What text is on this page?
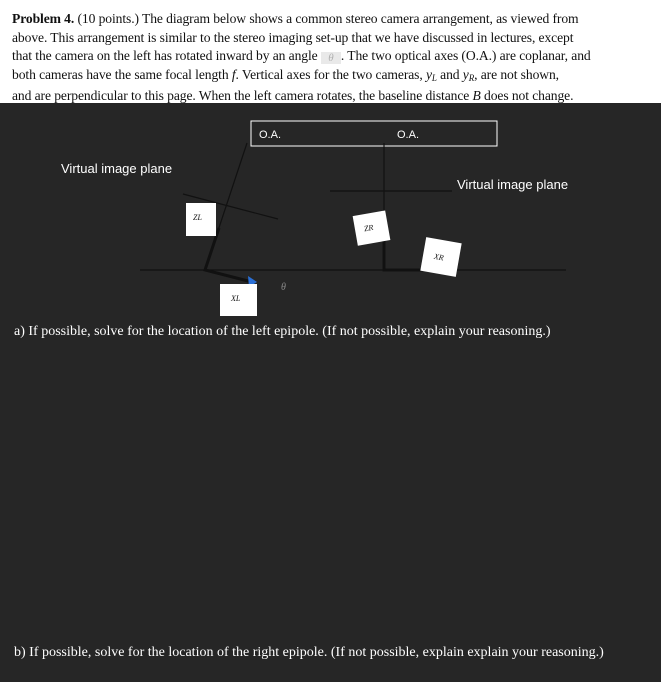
Problem 4. (10 points.) The diagram below shows a common stereo camera arrangement, as viewed from
above. This arrangement is similar to the stereo imaging set-up that we have discussed in lectures, except
that the camera on the left has rotated inward by an angle θ . The two optical axes (O.A.) are coplanar, and
both cameras have the same focal length f. Vertical axes for the two cameras, $y_L$ and $y_R$, are not shown,
and are perpendicular to this page. When the left camera rotates, the baseline distance B does not change.
O.A.	O.A.
ZL
ZR
XR
XL
θ
Virtual image plane
Virtual image plane
a) If possible, solve for the location of the left epipole. (If not possible, explain your reasoning.)
b) If possible, solve for the location of the right epipole. (If not possible, explain explain your reasoning.)
